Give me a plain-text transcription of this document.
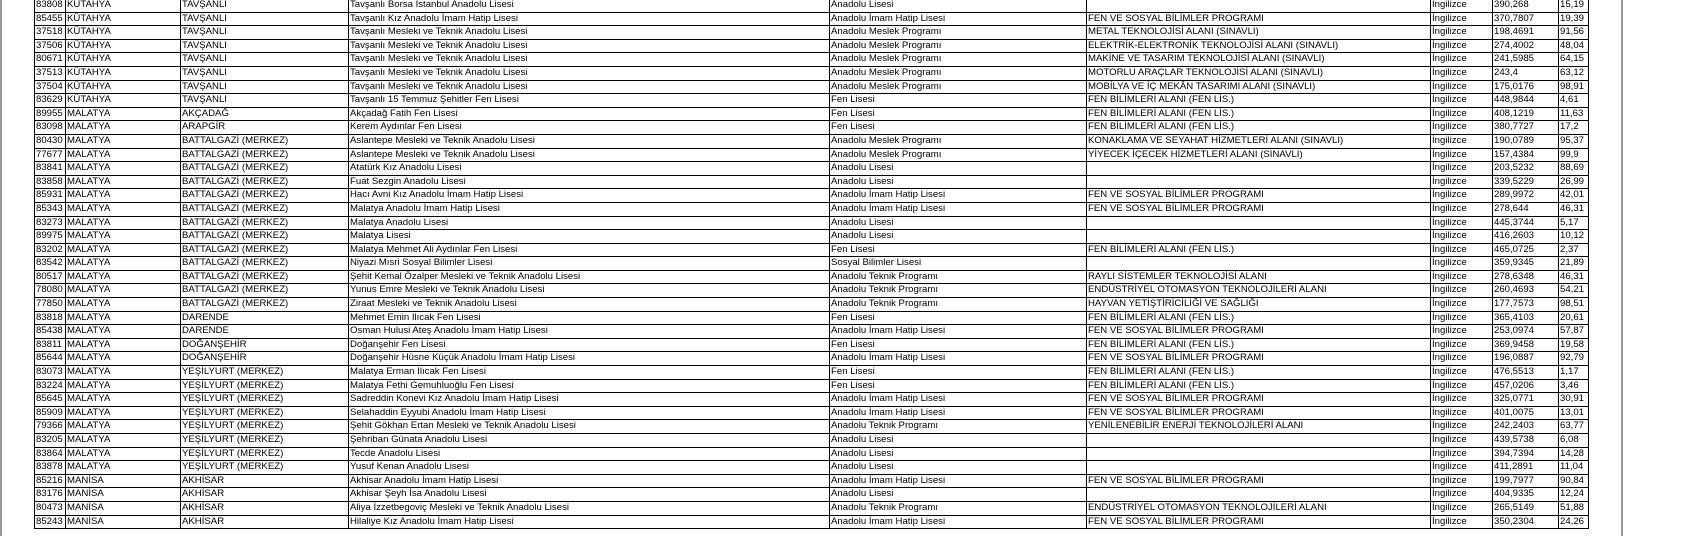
83808	KÜTAHYA	TAVŞANLI	Tavşanlı Borsa İstanbul Anadolu Lisesi	Anadolu Lisesi		İngilizce	390,268	15,19
85455	KÜTAHYA	TAVŞANLI	Tavşanlı Kız Anadolu İmam Hatip Lisesi	Anadolu İmam Hatip Lisesi	FEN VE SOSYAL BİLİMLER PROGRAMI	İngilizce	370,7807	19,39
37518	KÜTAHYA	TAVŞANLI	Tavşanlı Mesleki ve Teknik Anadolu Lisesi	Anadolu Meslek Programı	METAL TEKNOLOJİSİ ALANI (SINAVLI)	İngilizce	198,4691	91,56
37506	KÜTAHYA	TAVŞANLI	Tavşanlı Mesleki ve Teknik Anadolu Lisesi	Anadolu Meslek Programı	ELEKTRİK-ELEKTRONİK TEKNOLOJİSİ ALANI (SINAVLI)	İngilizce	274,4002	48,04
80671	KÜTAHYA	TAVŞANLI	Tavşanlı Mesleki ve Teknik Anadolu Lisesi	Anadolu Meslek Programı	MAKİNE VE TASARIM TEKNOLOJİSİ ALANI (SINAVLI)	İngilizce	241,5985	64,15
37513	KÜTAHYA	TAVŞANLI	Tavşanlı Mesleki ve Teknik Anadolu Lisesi	Anadolu Meslek Programı	MOTORLU ARAÇLAR TEKNOLOJİSİ ALANI (SINAVLI)	İngilizce	243,4	63,12
37504	KÜTAHYA	TAVŞANLI	Tavşanlı Mesleki ve Teknik Anadolu Lisesi	Anadolu Meslek Programı	MOBİLYA VE İÇ MEKÂN TASARIMI ALANI (SINAVLI)	İngilizce	175,0176	98,91
83629	KÜTAHYA	TAVŞANLI	Tavşanlı 15 Temmuz Şehitler Fen Lisesi	Fen Lisesi	FEN BİLİMLERİ ALANI (FEN LİS.)	İngilizce	448,9844	4,61
89955	MALATYA	AKÇADAĞ	Akçadağ Fatih Fen Lisesi	Fen Lisesi	FEN BİLİMLERİ ALANI (FEN LİS.)	İngilizce	408,1219	11,63
83098	MALATYA	ARAPGİR	Kerem Aydınlar Fen Lisesi	Fen Lisesi	FEN BİLİMLERİ ALANI (FEN LİS.)	İngilizce	380,7727	17,2
80430	MALATYA	BATTALGAZİ (MERKEZ)	Aslantepe Mesleki ve Teknik Anadolu Lisesi	Anadolu Meslek Programı	KONAKLAMA VE SEYAHAT HİZMETLERİ ALANI (SINAVLI)	İngilizce	190,0789	95,37
77677	MALATYA	BATTALGAZİ (MERKEZ)	Aslantepe Mesleki ve Teknik Anadolu Lisesi	Anadolu Meslek Programı	YİYECEK İÇECEK HİZMETLERİ ALANI (SINAVLI)	İngilizce	157,4384	99,9
83841	MALATYA	BATTALGAZİ (MERKEZ)	Atatürk Kız Anadolu Lisesi	Anadolu Lisesi		İngilizce	203,5232	88,69
83858	MALATYA	BATTALGAZİ (MERKEZ)	Fuat Sezgin Anadolu Lisesi	Anadolu Lisesi		İngilizce	339,5229	26,99
85931	MALATYA	BATTALGAZİ (MERKEZ)	Hacı Avni Kız Anadolu İmam Hatip Lisesi	Anadolu İmam Hatip Lisesi	FEN VE SOSYAL BİLİMLER PROGRAMI	İngilizce	289,9972	42,01
85343	MALATYA	BATTALGAZİ (MERKEZ)	Malatya Anadolu İmam Hatip Lisesi	Anadolu İmam Hatip Lisesi	FEN VE SOSYAL BİLİMLER PROGRAMI	İngilizce	278,644	46,31
83273	MALATYA	BATTALGAZİ (MERKEZ)	Malatya Anadolu Lisesi	Anadolu Lisesi		İngilizce	445,3744	5,17
89975	MALATYA	BATTALGAZİ (MERKEZ)	Malatya Lisesi	Anadolu Lisesi		İngilizce	416,2603	10,12
83202	MALATYA	BATTALGAZİ (MERKEZ)	Malatya Mehmet Ali Aydınlar Fen Lisesi	Fen Lisesi	FEN BİLİMLERİ ALANI (FEN LİS.)	İngilizce	465,0725	2,37
83542	MALATYA	BATTALGAZİ (MERKEZ)	Niyazi Mısri Sosyal Bilimler Lisesi	Sosyal Bilimler Lisesi		İngilizce	359,9345	21,89
80517	MALATYA	BATTALGAZİ (MERKEZ)	Şehit Kemal Özalper Mesleki ve Teknik Anadolu Lisesi	Anadolu Teknik Programı	RAYLI SİSTEMLER TEKNOLOJİSİ ALANI	İngilizce	278,6348	46,31
78080	MALATYA	BATTALGAZİ (MERKEZ)	Yunus Emre Mesleki ve Teknik Anadolu Lisesi	Anadolu Teknik Programı	ENDÜSTRİYEL OTOMASYON TEKNOLOJİLERİ ALANI	İngilizce	260,4693	54,21
77850	MALATYA	BATTALGAZİ (MERKEZ)	Ziraat Mesleki ve Teknik Anadolu Lisesi	Anadolu Teknik Programı	HAYVAN YETİŞTİRİCİLİĞİ VE SAĞLIĞI	İngilizce	177,7573	98,51
83818	MALATYA	DARENDE	Mehmet Emin Ilıcak Fen Lisesi	Fen Lisesi	FEN BİLİMLERİ ALANI (FEN LİS.)	İngilizce	365,4103	20,61
85438	MALATYA	DARENDE	Osman Hulusi Ateş Anadolu İmam Hatip Lisesi	Anadolu İmam Hatip Lisesi	FEN VE SOSYAL BİLİMLER PROGRAMI	İngilizce	253,0974	57,87
83811	MALATYA	DOĞANŞEHİR	Doğanşehir Fen Lisesi	Fen Lisesi	FEN BİLİMLERİ ALANI (FEN LİS.)	İngilizce	369,9458	19,58
85644	MALATYA	DOĞANŞEHİR	Doğanşehir Hüsne Küçük Anadolu İmam Hatip Lisesi	Anadolu İmam Hatip Lisesi	FEN VE SOSYAL BİLİMLER PROGRAMI	İngilizce	196,0887	92,79
83073	MALATYA	YEŞİLYURT (MERKEZ)	Malatya Erman Ilıcak Fen Lisesi	Fen Lisesi	FEN BİLİMLERİ ALANI (FEN LİS.)	İngilizce	476,5513	1,17
83224	MALATYA	YEŞİLYURT (MERKEZ)	Malatya Fethi Gemuhluoğlu Fen Lisesi	Fen Lisesi	FEN BİLİMLERİ ALANI (FEN LİS.)	İngilizce	457,0206	3,46
85645	MALATYA	YEŞİLYURT (MERKEZ)	Sadreddin Konevi Kız Anadolu İmam Hatip Lisesi	Anadolu İmam Hatip Lisesi	FEN VE SOSYAL BİLİMLER PROGRAMI	İngilizce	325,0771	30,91
85909	MALATYA	YEŞİLYURT (MERKEZ)	Selahaddin Eyyubi Anadolu İmam Hatip Lisesi	Anadolu İmam Hatip Lisesi	FEN VE SOSYAL BİLİMLER PROGRAMI	İngilizce	401,0075	13,01
79366	MALATYA	YEŞİLYURT (MERKEZ)	Şehit Gökhan Ertan Mesleki ve Teknik Anadolu Lisesi	Anadolu Teknik Programı	YENİLENEBİLİR ENERJİ TEKNOLOJİLERİ ALANI	İngilizce	242,2403	63,77
83205	MALATYA	YEŞİLYURT (MERKEZ)	Şehriban Günata Anadolu Lisesi	Anadolu Lisesi		İngilizce	439,5738	6,08
83864	MALATYA	YEŞİLYURT (MERKEZ)	Tecde Anadolu Lisesi	Anadolu Lisesi		İngilizce	394,7394	14,28
83878	MALATYA	YEŞİLYURT (MERKEZ)	Yusuf Kenan Anadolu Lisesi	Anadolu Lisesi		İngilizce	411,2891	11,04
85216	MANİSA	AKHİSAR	Akhisar Anadolu İmam Hatip Lisesi	Anadolu İmam Hatip Lisesi	FEN VE SOSYAL BİLİMLER PROGRAMI	İngilizce	199,7977	90,84
83176	MANİSA	AKHİSAR	Akhisar Şeyh İsa Anadolu Lisesi	Anadolu Lisesi		İngilizce	404,9335	12,24
80473	MANİSA	AKHİSAR	Aliya İzzetbegoviç Mesleki ve Teknik Anadolu Lisesi	Anadolu Teknik Programı	ENDÜSTRİYEL OTOMASYON TEKNOLOJİLERİ ALANI	İngilizce	265,5149	51,88
85243	MANİSA	AKHİSAR	Hilaliye Kız Anadolu İmam Hatip Lisesi	Anadolu İmam Hatip Lisesi	FEN VE SOSYAL BİLİMLER PROGRAMI	İngilizce	350,2304	24,26
